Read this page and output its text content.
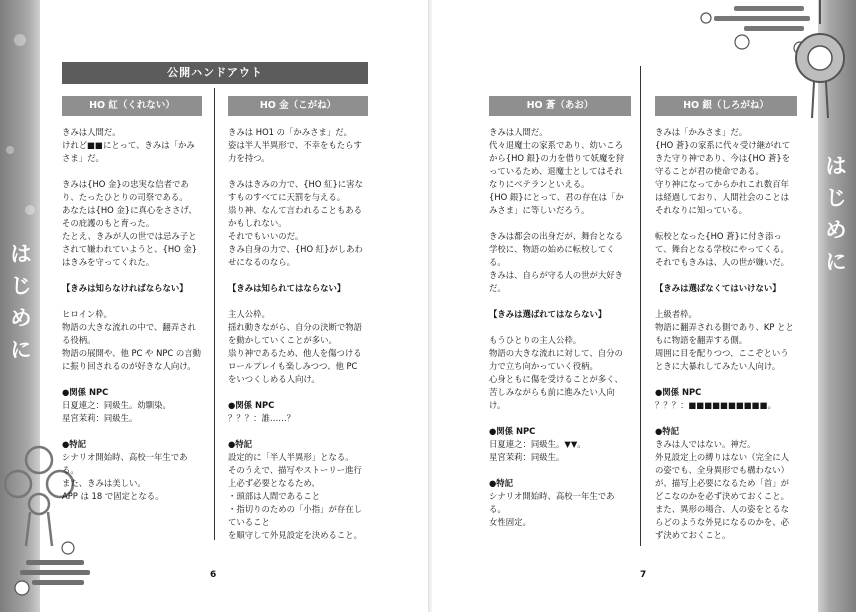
は
じ
め
に
公開ハンドアウト
HO 紅（くれない）

きみは人間だ。

けれど■■にとって、きみは「かみさま」だ。

きみは{HO 金}の忠実な信者であり、たったひとりの司祭である。

あなたは{HO 金}に真心をささげ、その庇護のもと育った。

たとえ、きみが人の世では忌み子とされて嫌われていようと、{HO 金}はきみを守ってくれた。

【きみは知らなければならない】

ヒロイン枠。

物語の大きな流れの中で、翻弄される役柄。

物語の展開や、他 PC や NPC の言動に振り回されるのが好きな人向け。

●関係 NPC

日夏連之：同級生。幼馴染。

星宮茉莉：同級生。

●特記

シナリオ開始時、高校一年生である。

また、きみは美しい。

APP は 18 で固定となる。

HO 金（こがね）

きみは HO1 の「かみさま」だ。

姿は半人半異形で、不幸をもたらす力を持つ。

きみはきみの力で、{HO 紅}に害なすものすべてに天罰を与える。

祟り神、なんて言われることもあるかもしれない。

それでもいいのだ。

きみ自身の力で、{HO 紅}がしあわせになるのなら。

【きみは知られてはならない】

主人公枠。

揺れ動きながら、自分の決断で物語を動かしていくことが多い。

祟り神であるため、他人を傷つけるロールプレイも楽しみつつ、他 PC をいつくしめる人向け。

●関係 NPC

？？？：誰……？

●特記

設定的に「半人半異形」となる。

そのうえで、描写やストーリー進行上必ず必要となるため、

・頭部は人間であること

・指切りのための「小指」が存在していること

を順守して外見設定を決めること。

6
は
じ
め
に
HO 蒼（あお）

きみは人間だ。

代々退魔士の家系であり、幼いころから{HO 銀}の力を借りて妖魔を狩っているため、退魔士としてはそれなりにベテランといえる。

{HO 銀}にとって、君の存在は「かみさま」に等しいだろう。

きみは都会の出身だが、舞台となる学校に、物語の始めに転校してくる。

きみは、自らが守る人の世が大好きだ。

【きみは選ばれてはならない】

もうひとりの主人公枠。

物語の大きな流れに対して、自分の力で立ち向かっていく役柄。

心身ともに傷を受けることが多く、苦しみながらも前に進みたい人向け。

●関係 NPC

日夏連之：同級生。▼▼。

星宮茉莉：同級生。

●特記

シナリオ開始時、高校一年生である。

女性固定。

HO 銀（しろがね）

きみは「かみさま」だ。

{HO 蒼}の家系に代々受け継がれてきた守り神であり、今は{HO 蒼}を守ることが君の使命である。

守り神になってからかれこれ数百年は経過しており、人間社会のことはそれなりに知っている。

転校となった{HO 蒼}に付き添って、舞台となる学校にやってくる。

それでもきみは、人の世が嫌いだ。

【きみは選ばなくてはいけない】

上級者枠。

物語に翻弄される側であり、KP とともに物語を翻弄する側。

周囲に目を配りつつ、ここぞというときに大暴れしてみたい人向け。

●関係 NPC

？？？：■■■■■■■■■■。

●特記

きみは人ではない。神だ。

外見設定上の縛りはない（完全に人の姿でも、全身異形でも構わない）が、描写上必要になるため「首」がどこなのかを必ず決めておくこと。

また、異形の場合、人の姿をとるならどのような外見になるのかを、必ず決めておくこと。

7
